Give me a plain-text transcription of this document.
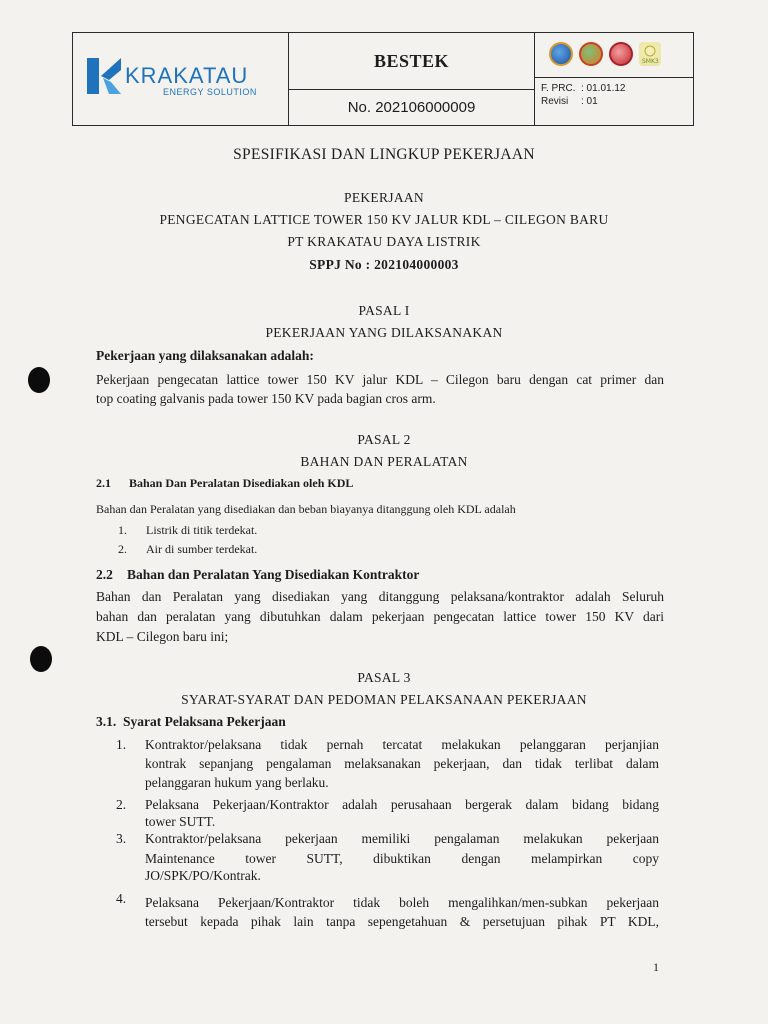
KRAKATAU
ENERGY SOLUTION
BESTEK
No. 202106000009
SMK3
F. PRC. : 01.01.12
Revisi : 01
SPESIFIKASI DAN LINGKUP PEKERJAAN
PEKERJAAN
PENGECATAN LATTICE TOWER 150 KV JALUR KDL – CILEGON BARU
PT KRAKATAU DAYA LISTRIK
SPPJ No : 202104000003
PASAL I
PEKERJAAN YANG DILAKSANAKAN
Pekerjaan yang dilaksanakan adalah:
Pekerjaan pengecatan lattice tower 150 KV jalur KDL – Cilegon baru dengan cat primer dan
top coating galvanis pada tower 150 KV pada bagian cros arm.
PASAL 2
BAHAN DAN PERALATAN
2.1 Bahan Dan Peralatan Disediakan oleh KDL
Bahan dan Peralatan yang disediakan dan beban biayanya ditanggung oleh KDL adalah
1. Listrik di titik terdekat.
2. Air di sumber terdekat.
2.2 Bahan dan Peralatan Yang Disediakan Kontraktor
Bahan dan Peralatan yang disediakan yang ditanggung pelaksana/kontraktor adalah Seluruh
bahan dan peralatan yang dibutuhkan dalam pekerjaan pengecatan lattice tower 150 KV dari
KDL – Cilegon baru ini;
PASAL 3
SYARAT-SYARAT DAN PEDOMAN PELAKSANAAN PEKERJAAN
3.1.  Syarat Pelaksana Pekerjaan
1. Kontraktor/pelaksana tidak pernah tercatat melakukan pelanggaran perjanjian
kontrak sepanjang pengalaman melaksanakan pekerjaan, dan tidak terlibat dalam
pelanggaran hukum yang berlaku.
2. Pelaksana Pekerjaan/Kontraktor adalah perusahaan bergerak dalam bidang bidang
tower SUTT.
3. Kontraktor/pelaksana pekerjaan memiliki pengalaman melakukan pekerjaan
Maintenance tower SUTT, dibuktikan dengan melampirkan copy
JO/SPK/PO/Kontrak.
4. Pelaksana Pekerjaan/Kontraktor tidak boleh mengalihkan/men-subkan pekerjaan
tersebut kepada pihak lain tanpa sepengetahuan & persetujuan pihak PT KDL,
1
